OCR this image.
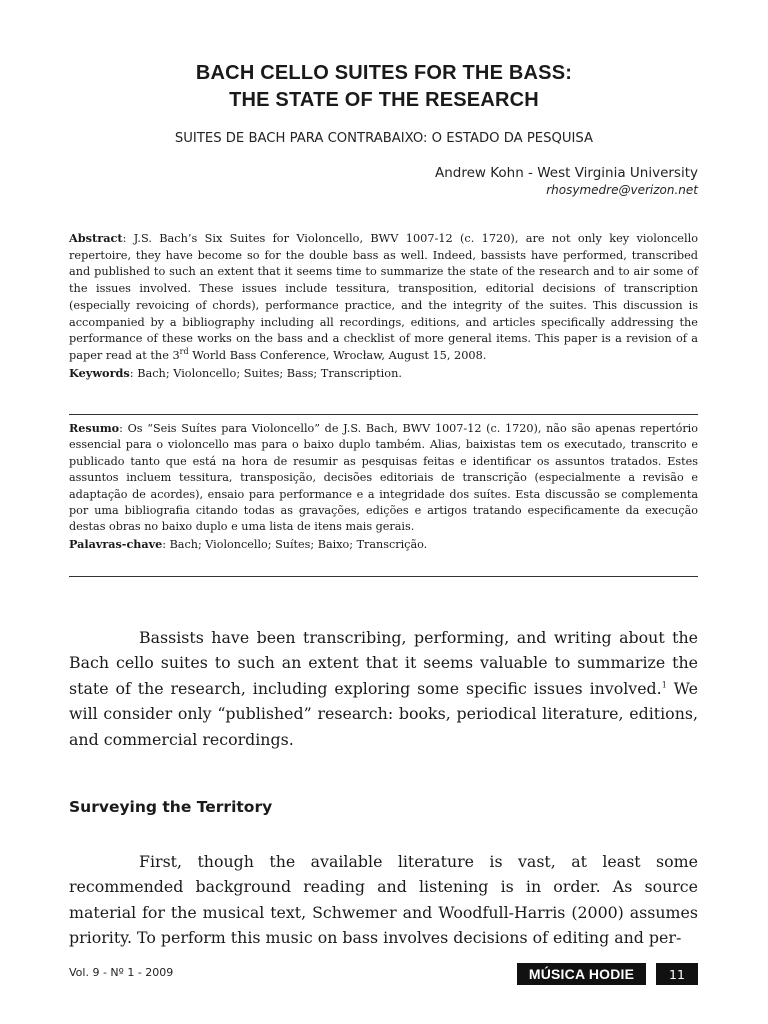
BACH CELLO SUITES FOR THE BASS:
THE STATE OF THE RESEARCH
SUITES DE BACH PARA CONTRABAIXO: O ESTADO DA PESQUISA
Andrew Kohn - West Virginia University
rhosymedre@verizon.net
Abstract: J.S. Bach’s Six Suites for Violoncello, BWV 1007-12 (c. 1720), are not only key violoncello repertoire, they have become so for the double bass as well. Indeed, bassists have performed, transcribed and published to such an extent that it seems time to summarize the state of the research and to air some of the issues involved. These issues include tessitura, transposition, editorial decisions of transcription (especially revoicing of chords), performance practice, and the integrity of the suites. This discussion is accompanied by a bibliography including all recordings, editions, and articles specifically addressing the performance of these works on the bass and a checklist of more general items. This paper is a revision of a paper read at the 3rd World Bass Conference, Wrocław, August 15, 2008.
Keywords: Bach; Violoncello; Suites; Bass; Transcription.
Resumo: Os “Seis Suítes para Violoncello” de J.S. Bach, BWV 1007-12 (c. 1720), não são apenas repertório essencial para o violoncello mas para o baixo duplo também. Alias, baixistas tem os executado, transcrito e publicado tanto que está na hora de resumir as pesquisas feitas e identificar os assuntos tratados. Estes assuntos incluem tessitura, transposição, decisões editoriais de transcrição (especialmente a revisão e adaptação de acordes), ensaio para performance e a integridade dos suítes. Esta discussão se complementa por uma bibliografia citando todas as gravações, edições e artigos tratando especificamente da execução destas obras no baixo duplo e uma lista de itens mais gerais.
Palavras-chave: Bach; Violoncello; Suítes; Baixo; Transcrição.
Bassists have been transcribing, performing, and writing about the Bach cello suites to such an extent that it seems valuable to summarize the state of the research, including exploring some specific issues involved.$^1$ We will consider only “published” research: books, periodical literature, editions, and commercial recordings.
Surveying the Territory
First, though the available literature is vast, at least some recommended background reading and listening is in order. As source material for the musical text, Schwemer and Woodfull-Harris (2000) assumes priority. To perform this music on bass involves decisions of editing and per-
Vol. 9 - Nº 1 - 2009	MÚSICA HODIE	11
